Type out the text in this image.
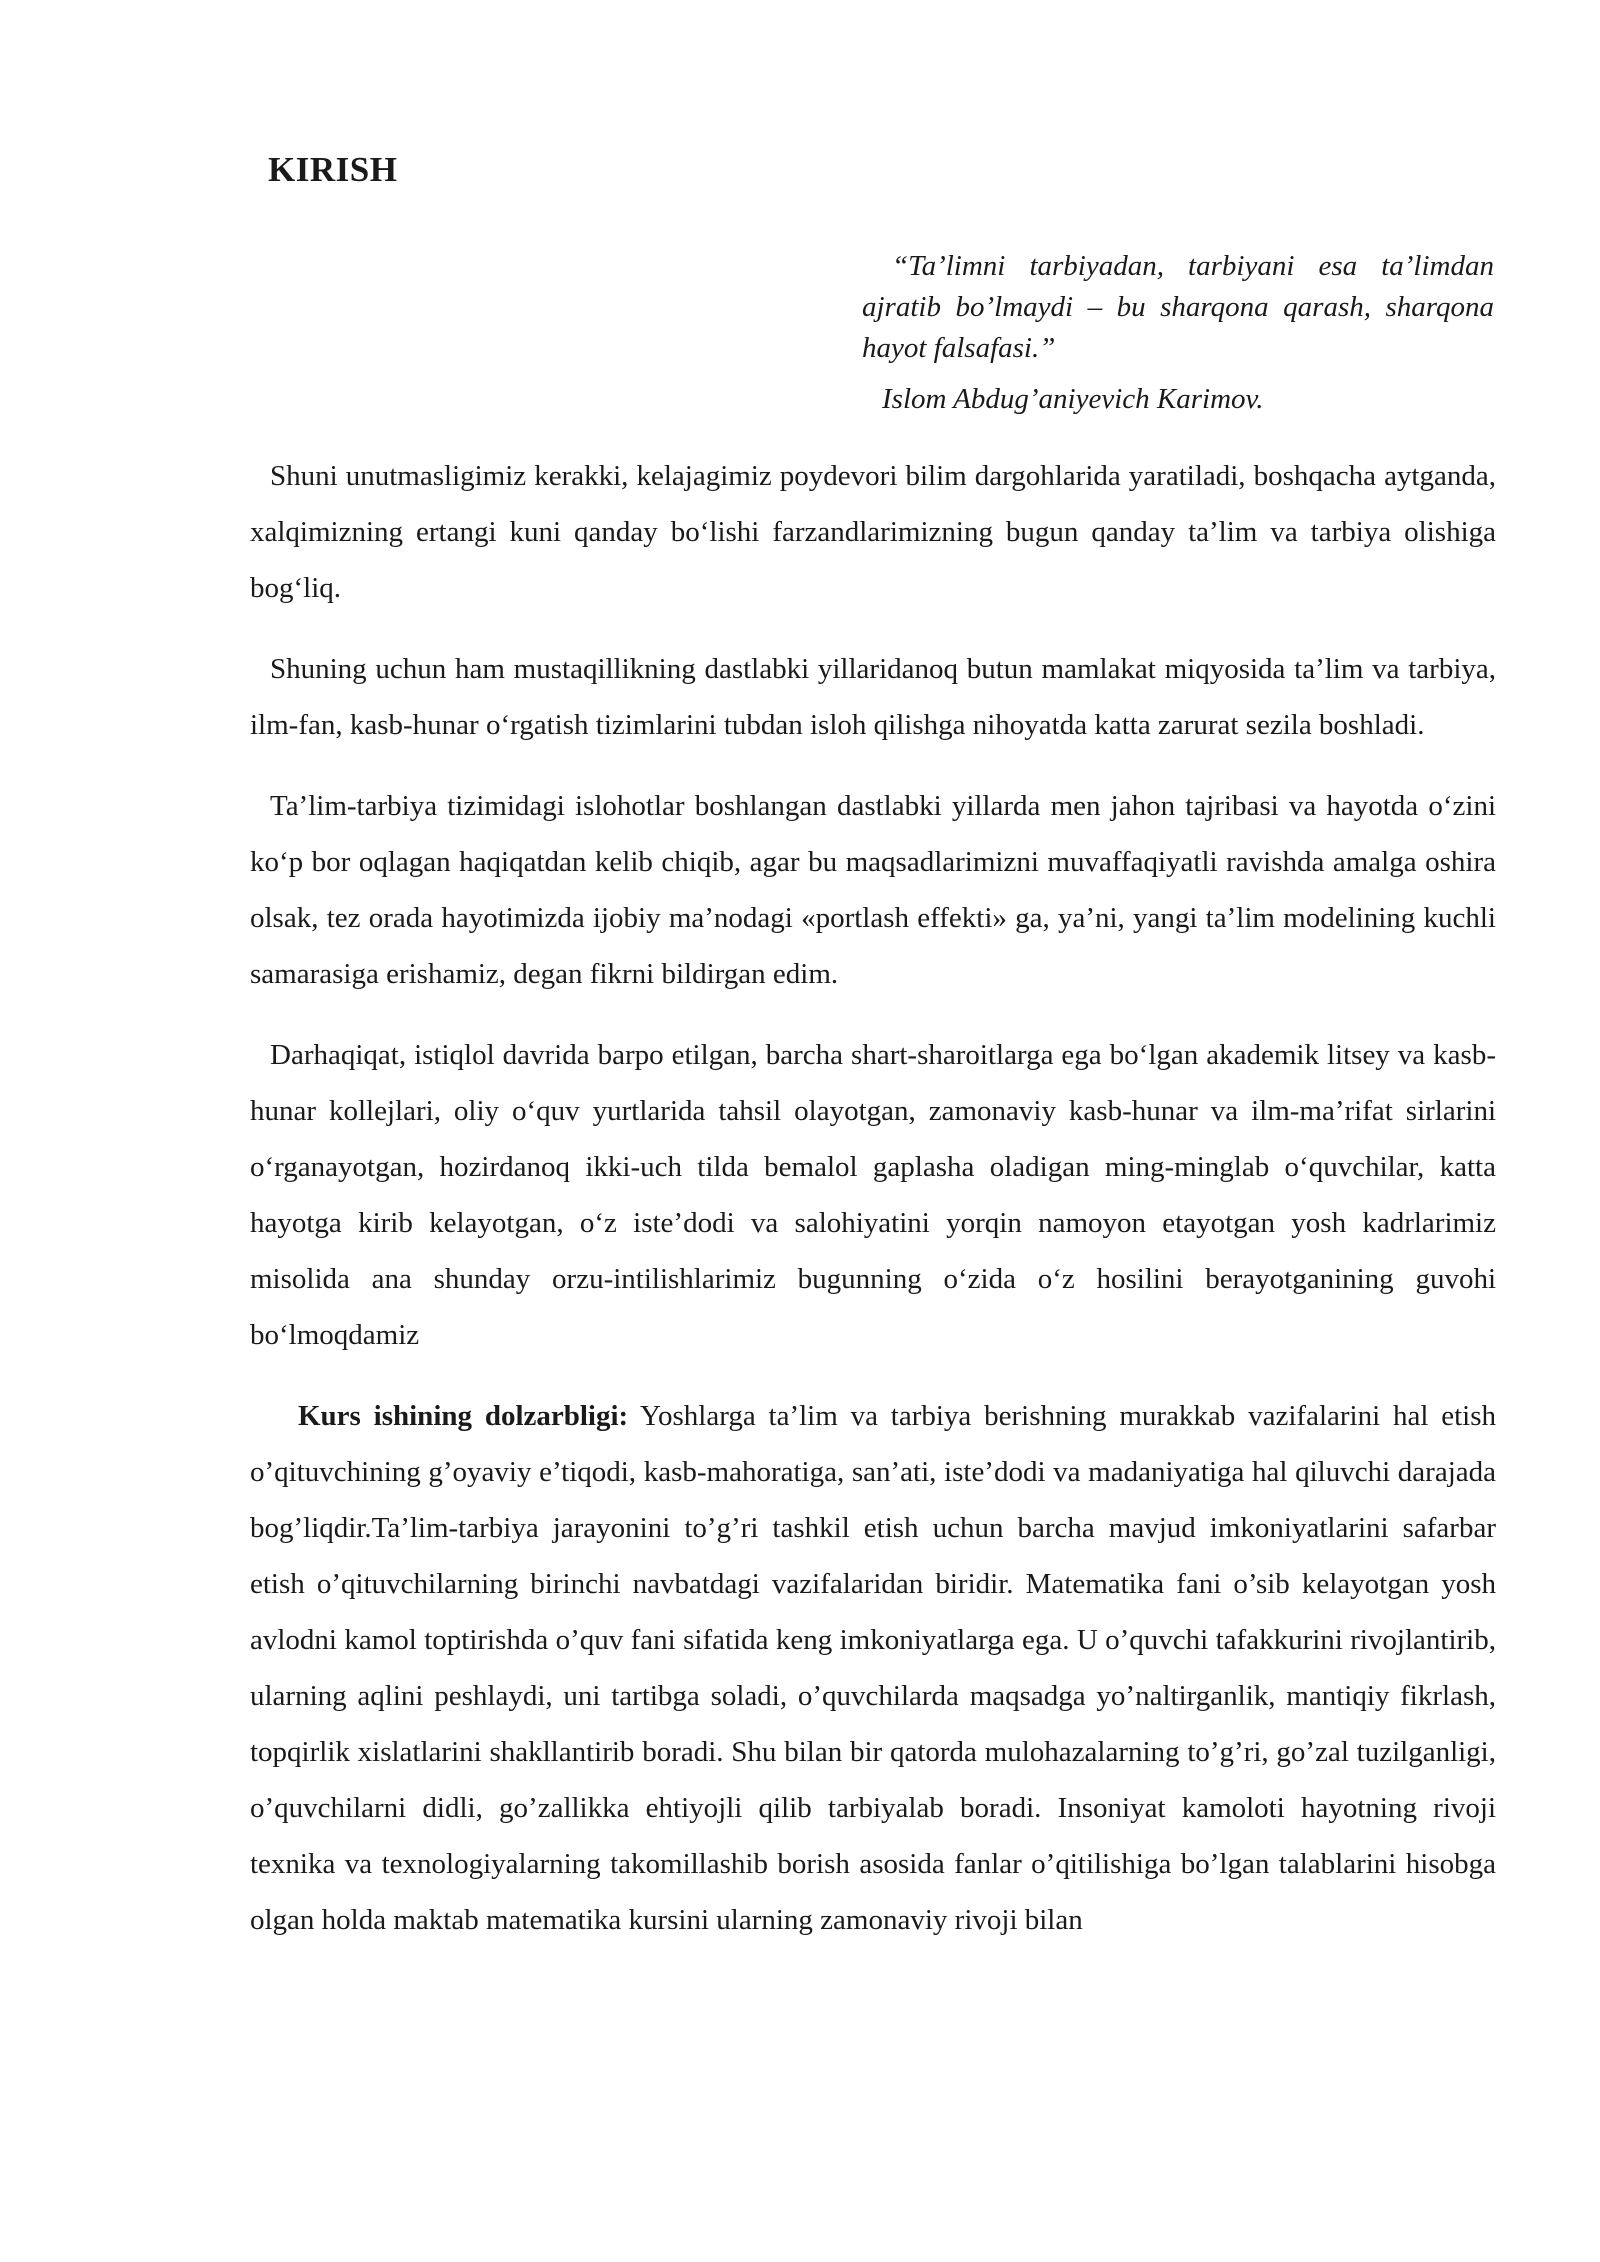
KIRISH
“Ta’limni tarbiyadan, tarbiyani esa ta’limdan ajratib bo’lmaydi – bu sharqona qarash, sharqona hayot falsafasi.”
Islom Abdug’aniyevich Karimov.

Shuni unutmasligimiz kerakki, kelajagimiz poydevori bilim dargohlarida yaratiladi, boshqacha aytganda, xalqimizning ertangi kuni qanday bo‘lishi farzandlarimizning bugun qanday ta’lim va tarbiya olishiga bog‘liq.

Shuning uchun ham mustaqillikning dastlabki yillaridanoq butun mamlakat miqyosida ta’lim va tarbiya, ilm-fan, kasb-hunar o‘rgatish tizimlarini tubdan isloh qilishga nihoyatda katta zarurat sezila boshladi.

Ta’lim-tarbiya tizimidagi islohotlar boshlangan dastlabki yillarda men jahon tajribasi va hayotda o‘zini ko‘p bor oqlagan haqiqatdan kelib chiqib, agar bu maqsadlarimizni muvaffaqiyatli ravishda amalga oshira olsak, tez orada hayotimizda ijobiy ma’nodagi «portlash effekti» ga, ya’ni, yangi ta’lim modelining kuchli samarasiga erishamiz, degan fikrni bildirgan edim.

Darhaqiqat, istiqlol davrida barpo etilgan, barcha shart-sharoitlarga ega bo‘lgan akademik litsey va kasb-hunar kollejlari, oliy o‘quv yurtlarida tahsil olayotgan, zamonaviy kasb-hunar va ilm-ma’rifat sirlarini o‘rganayotgan, hozirdanoq ikki-uch tilda bemalol gaplasha oladigan ming-minglab o‘quvchilar, katta hayotga kirib kelayotgan, o‘z iste’dodi va salohiyatini yorqin namoyon etayotgan yosh kadrlarimiz misolida ana shunday orzu-intilishlarimiz bugunning o‘zida o‘z hosilini berayotganining guvohi bo‘lmoqdamiz

Kurs ishining dolzarbligi: Yoshlarga ta’lim va tarbiya berishning murakkab vazifalarini hal etish o’qituvchining g’oyaviy e’tiqodi, kasb-mahoratiga, san’ati, iste’dodi va madaniyatiga hal qiluvchi darajada bog’liqdir.Ta’lim-tarbiya jarayonini to’g’ri tashkil etish uchun barcha mavjud imkoniyatlarini safarbar etish o’qituvchilarning birinchi navbatdagi vazifalaridan biridir. Matematika fani o’sib kelayotgan yosh avlodni kamol toptirishda o’quv fani sifatida keng imkoniyatlarga ega. U o’quvchi tafakkurini rivojlantirib, ularning aqlini peshlaydi, uni tartibga soladi, o’quvchilarda maqsadga yo’naltirganlik, mantiqiy fikrlash, topqirlik xislatlarini shakllantirib boradi. Shu bilan bir qatorda mulohazalarning to’g’ri, go’zal tuzilganligi, o’quvchilarni didli, go’zallikka ehtiyojli qilib tarbiyalab boradi. Insoniyat kamoloti hayotning rivoji texnika va texnologiyalarning takomillashib borish asosida fanlar o’qitilishiga bo’lgan talablarini hisobga olgan holda maktab matematika kursini ularning zamonaviy rivoji bilan
